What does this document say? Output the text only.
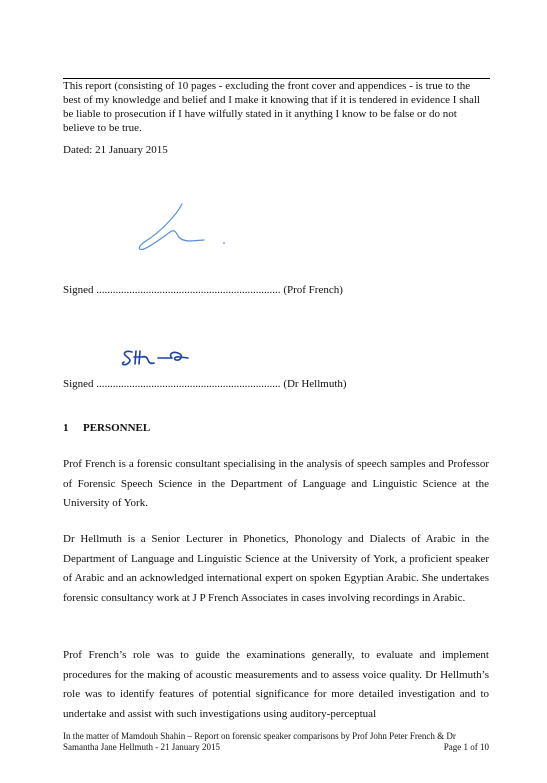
This report (consisting of 10 pages - excluding the front cover and appendices - is true to the best of my knowledge and belief and I make it knowing that if it is tendered in evidence I shall be liable to prosecution if I have wilfully stated in it anything I know to be false or do not believe to be true.

Dated: 21 January 2015

Signed ................................................................... (Prof French)
Signed ................................................................... (Dr Hellmuth)
1 PERSONNEL

Prof French is a forensic consultant specialising in the analysis of speech samples and Professor of Forensic Speech Science in the Department of Language and Linguistic Science at the University of York.

Dr Hellmuth is a Senior Lecturer in Phonetics, Phonology and Dialects of Arabic in the Department of Language and Linguistic Science at the University of York, a proficient speaker of Arabic and an acknowledged international expert on spoken Egyptian Arabic. She undertakes forensic consultancy work at J P French Associates in cases involving recordings in Arabic.

Prof French’s role was to guide the examinations generally, to evaluate and implement procedures for the making of acoustic measurements and to assess voice quality. Dr Hellmuth’s role was to identify features of potential significance for more detailed investigation and to undertake and assist with such investigations using auditory-perceptual

In the matter of Mamdouh Shahin – Report on forensic speaker comparisons by Prof John Peter French & Dr
Samantha Jane Hellmuth - 21 January 2015	Page 1 of 10
